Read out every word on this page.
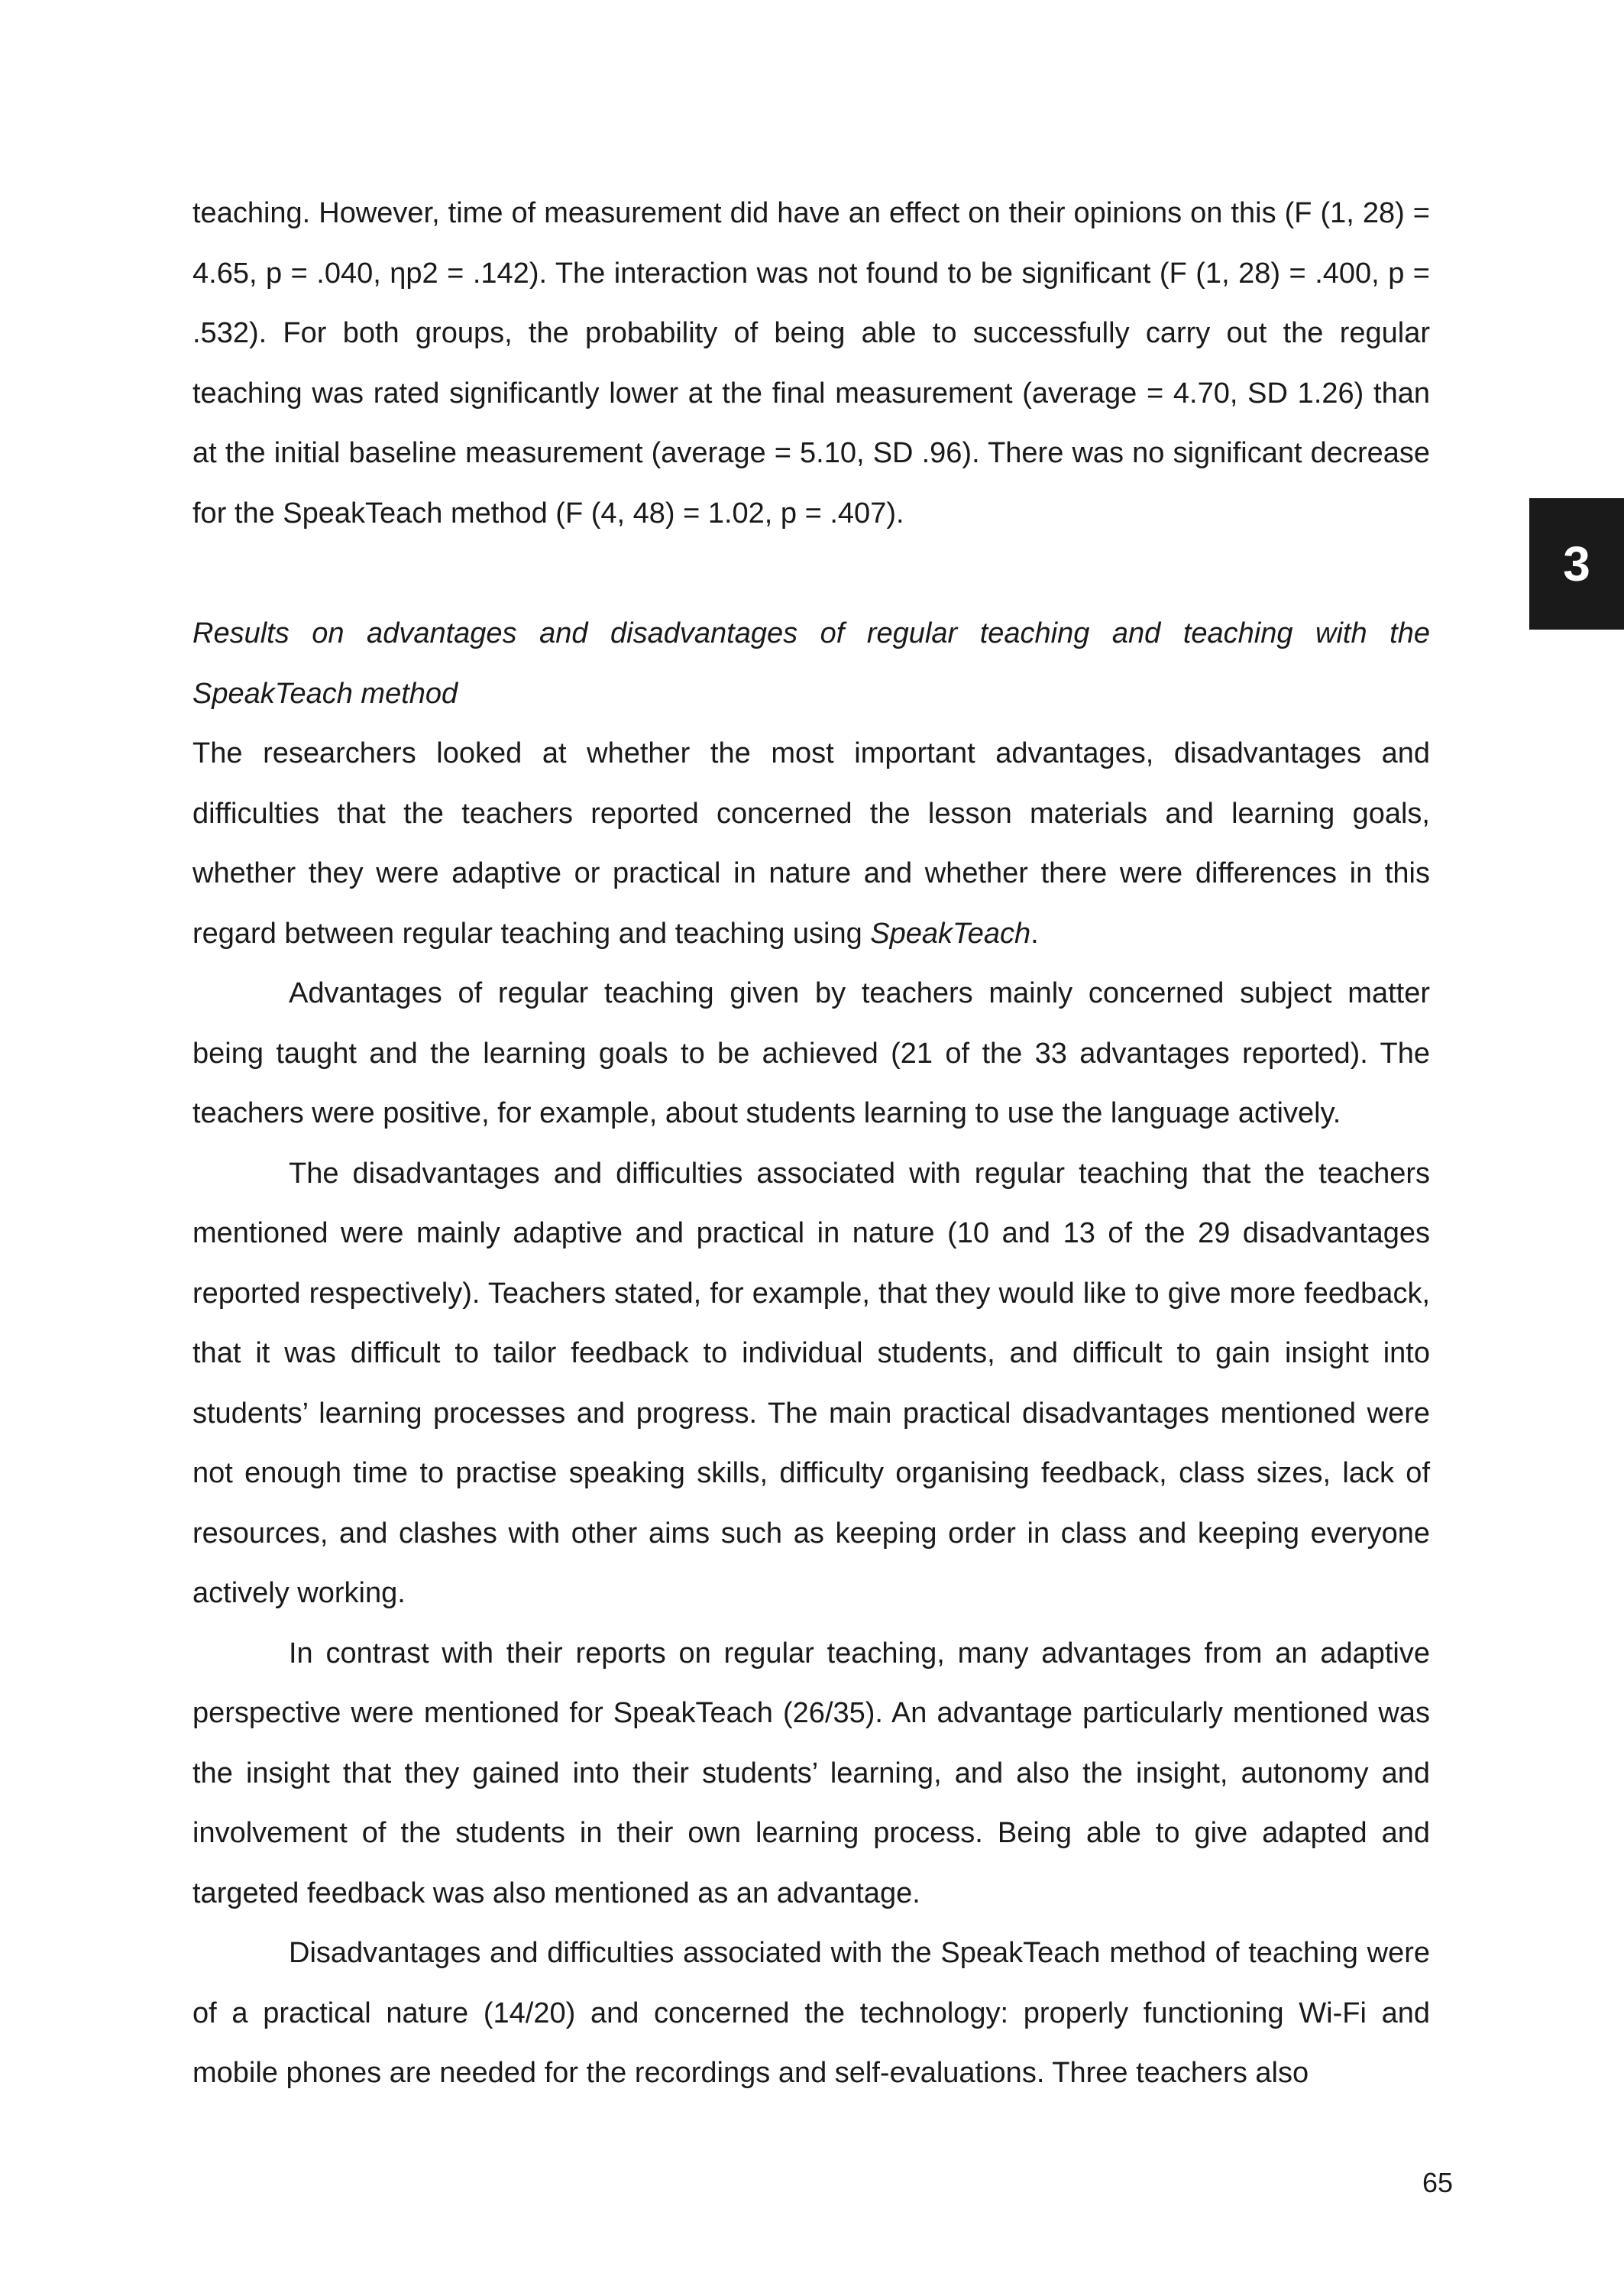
teaching. However, time of measurement did have an effect on their opinions on this (F (1, 28) = 4.65, p = .040, ηp2 = .142). The interaction was not found to be significant (F (1, 28) = .400, p = .532). For both groups, the probability of being able to successfully carry out the regular teaching was rated significantly lower at the final measurement (average = 4.70, SD 1.26) than at the initial baseline measurement (average = 5.10, SD .96). There was no significant decrease for the SpeakTeach method (F (4, 48) = 1.02, p = .407).

Results on advantages and disadvantages of regular teaching and teaching with the SpeakTeach method

The researchers looked at whether the most important advantages, disadvantages and difficulties that the teachers reported concerned the lesson materials and learning goals, whether they were adaptive or practical in nature and whether there were differences in this regard between regular teaching and teaching using SpeakTeach.

Advantages of regular teaching given by teachers mainly concerned subject matter being taught and the learning goals to be achieved (21 of the 33 advantages reported). The teachers were positive, for example, about students learning to use the language actively.

The disadvantages and difficulties associated with regular teaching that the teachers mentioned were mainly adaptive and practical in nature (10 and 13 of the 29 disadvantages reported respectively). Teachers stated, for example, that they would like to give more feedback, that it was difficult to tailor feedback to individual students, and difficult to gain insight into students’ learning processes and progress. The main practical disadvantages mentioned were not enough time to practise speaking skills, difficulty organising feedback, class sizes, lack of resources, and clashes with other aims such as keeping order in class and keeping everyone actively working.

In contrast with their reports on regular teaching, many advantages from an adaptive perspective were mentioned for SpeakTeach (26/35). An advantage particularly mentioned was the insight that they gained into their students’ learning, and also the insight, autonomy and involvement of the students in their own learning process. Being able to give adapted and targeted feedback was also mentioned as an advantage.

Disadvantages and difficulties associated with the SpeakTeach method of teaching were of a practical nature (14/20) and concerned the technology: properly functioning Wi-Fi and mobile phones are needed for the recordings and self-evaluations. Three teachers also

3
65
